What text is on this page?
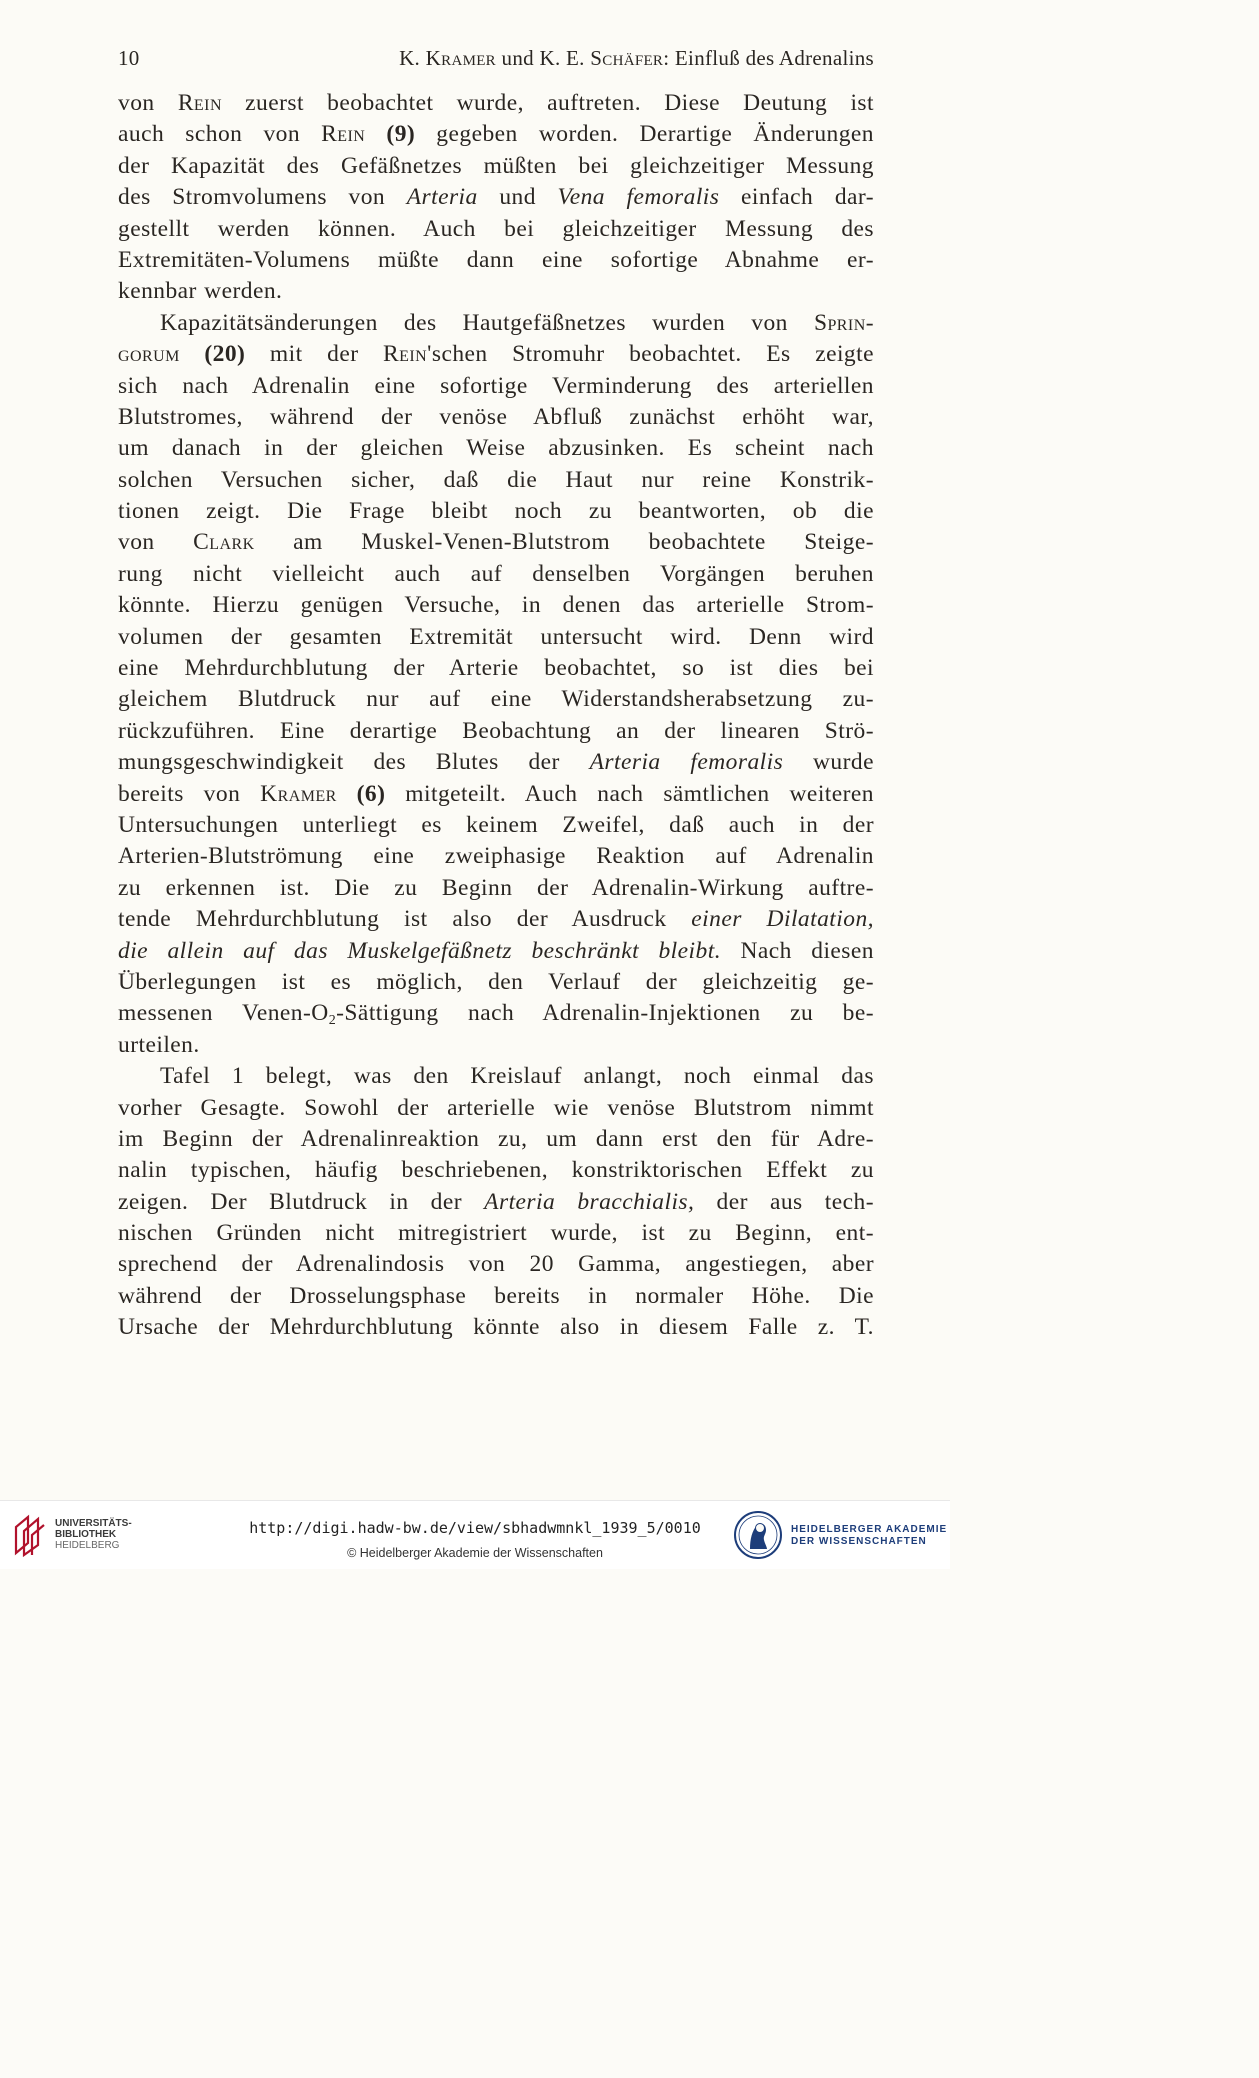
10	K. Kramer und K. E. Schäfer: Einfluß des Adrenalins
von Rein zuerst beobachtet wurde, auftreten. Diese Deutung ist
auch schon von Rein (9) gegeben worden. Derartige Änderungen
der Kapazität des Gefäßnetzes müßten bei gleichzeitiger Messung
des Stromvolumens von Arteria und Vena femoralis einfach dar-
gestellt werden können. Auch bei gleichzeitiger Messung des
Extremitäten-Volumens müßte dann eine sofortige Abnahme er-
kennbar werden.
Kapazitätsänderungen des Hautgefäßnetzes wurden von Sprin-
gorum (20) mit der Rein'schen Stromuhr beobachtet. Es zeigte
sich nach Adrenalin eine sofortige Verminderung des arteriellen
Blutstromes, während der venöse Abfluß zunächst erhöht war,
um danach in der gleichen Weise abzusinken. Es scheint nach
solchen Versuchen sicher, daß die Haut nur reine Konstrik-
tionen zeigt. Die Frage bleibt noch zu beantworten, ob die
von Clark am Muskel-Venen-Blutstrom beobachtete Steige-
rung nicht vielleicht auch auf denselben Vorgängen beruhen
könnte. Hierzu genügen Versuche, in denen das arterielle Strom-
volumen der gesamten Extremität untersucht wird. Denn wird
eine Mehrdurchblutung der Arterie beobachtet, so ist dies bei
gleichem Blutdruck nur auf eine Widerstandsherabsetzung zu-
rückzuführen. Eine derartige Beobachtung an der linearen Strö-
mungsgeschwindigkeit des Blutes der Arteria femoralis wurde
bereits von Kramer (6) mitgeteilt. Auch nach sämtlichen weiteren
Untersuchungen unterliegt es keinem Zweifel, daß auch in der
Arterien-Blutströmung eine zweiphasige Reaktion auf Adrenalin
zu erkennen ist. Die zu Beginn der Adrenalin-Wirkung auftre-
tende Mehrdurchblutung ist also der Ausdruck einer Dilatation,
die allein auf das Muskelgefäßnetz beschränkt bleibt. Nach diesen
Überlegungen ist es möglich, den Verlauf der gleichzeitig ge-
messenen Venen-$O_2$-Sättigung nach Adrenalin-Injektionen zu be-
urteilen.
Tafel 1 belegt, was den Kreislauf anlangt, noch einmal das
vorher Gesagte. Sowohl der arterielle wie venöse Blutstrom nimmt
im Beginn der Adrenalinreaktion zu, um dann erst den für Adre-
nalin typischen, häufig beschriebenen, konstriktorischen Effekt zu
zeigen. Der Blutdruck in der Arteria bracchialis, der aus tech-
nischen Gründen nicht mitregistriert wurde, ist zu Beginn, ent-
sprechend der Adrenalindosis von 20 Gamma, angestiegen, aber
während der Drosselungsphase bereits in normaler Höhe. Die
Ursache der Mehrdurchblutung könnte also in diesem Falle z. T.
UNIVERSITÄTS-
BIBLIOTHEK
HEIDELBERG
http://digi.hadw-bw.de/view/sbhadwmnkl_1939_5/0010
© Heidelberger Akademie der Wissenschaften
HEIDELBERGER AKADEMIE
DER WISSENSCHAFTEN
